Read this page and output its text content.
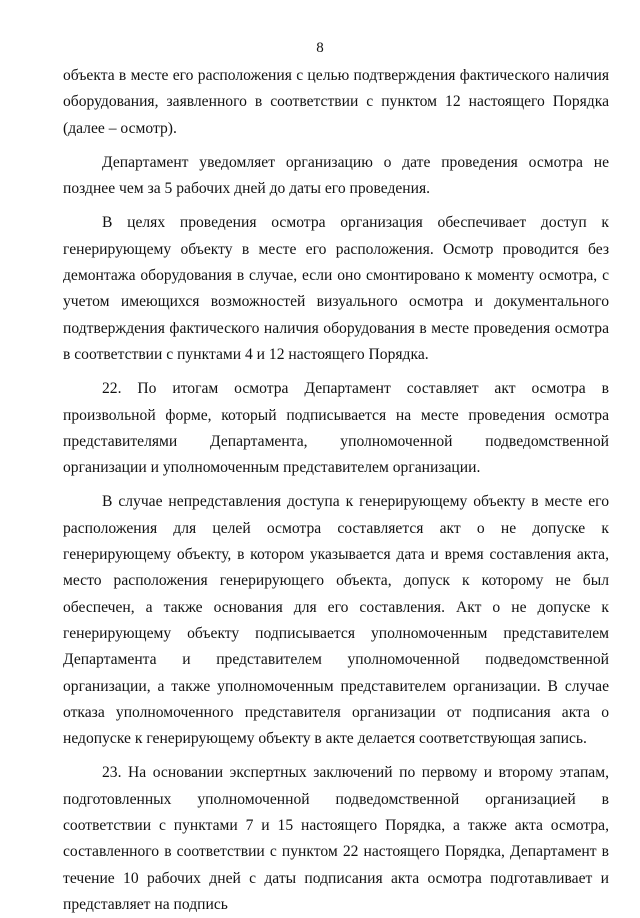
8

объекта в месте его расположения с целью подтверждения фактического наличия оборудования, заявленного в соответствии с пунктом 12 настоящего Порядка (далее – осмотр).

Департамент уведомляет организацию о дате проведения осмотра не позднее чем за 5 рабочих дней до даты его проведения.

В целях проведения осмотра организация обеспечивает доступ к генерирующему объекту в месте его расположения. Осмотр проводится без демонтажа оборудования в случае, если оно смонтировано к моменту осмотра, с учетом имеющихся возможностей визуального осмотра и документального подтверждения фактического наличия оборудования в месте проведения осмотра в соответствии с пунктами 4 и 12 настоящего Порядка.

22. По итогам осмотра Департамент составляет акт осмотра в произвольной форме, который подписывается на месте проведения осмотра представителями Департамента, уполномоченной подведомственной организации и уполномоченным представителем организации.

В случае непредставления доступа к генерирующему объекту в месте его расположения для целей осмотра составляется акт о не допуске к генерирующему объекту, в котором указывается дата и время составления акта, место расположения генерирующего объекта, допуск к которому не был обеспечен, а также основания для его составления. Акт о не допуске к генерирующему объекту подписывается уполномоченным представителем Департамента и представителем уполномоченной подведомственной организации, а также уполномоченным представителем организации. В случае отказа уполномоченного представителя организации от подписания акта о недопуске к генерирующему объекту в акте делается соответствующая запись.

23. На основании экспертных заключений по первому и второму этапам, подготовленных уполномоченной подведомственной организацией в соответствии с пунктами 7 и 15 настоящего Порядка, а также акта осмотра, составленного в соответствии с пунктом 22 настоящего Порядка, Департамент в течение 10 рабочих дней с даты подписания акта осмотра подготавливает и представляет на подпись
